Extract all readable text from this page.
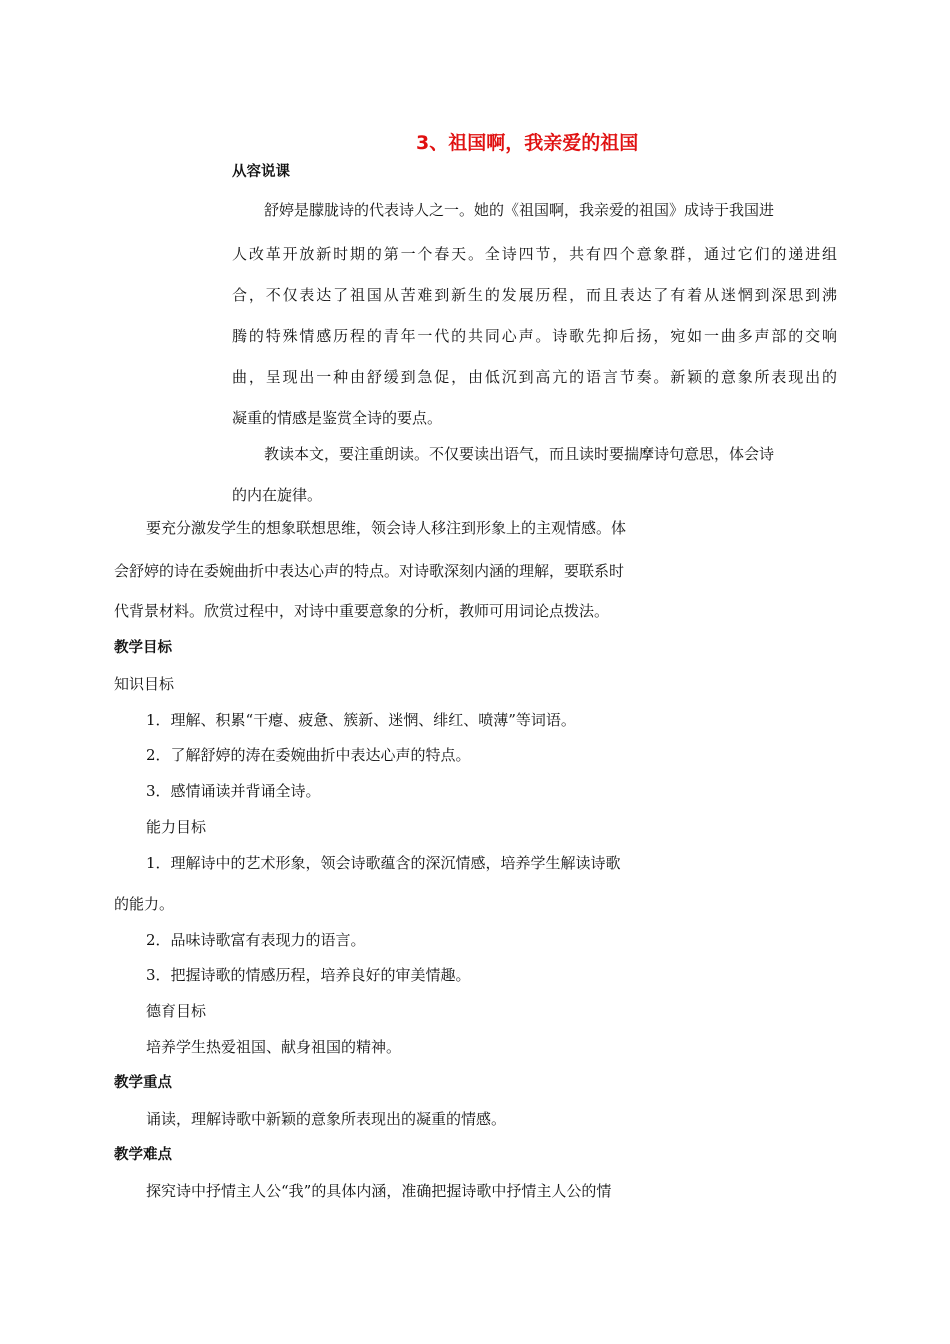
3、祖国啊，我亲爱的祖国
从容说课
舒婷是朦胧诗的代表诗人之一。她的《祖国啊，我亲爱的祖国》成诗于我国进
人改革开放新时期的第一个春天。全诗四节，共有四个意象群，通过它们的递进组
合，不仅表达了祖国从苦难到新生的发展历程，而且表达了有着从迷惘到深思到沸
腾的特殊情感历程的青年一代的共同心声。诗歌先抑后扬，宛如一曲多声部的交响
曲，呈现出一种由舒缓到急促，由低沉到高亢的语言节奏。新颖的意象所表现出的
凝重的情感是鉴赏全诗的要点。
教读本文，要注重朗读。不仅要读出语气，而且读时要揣摩诗句意思，体会诗
的内在旋律。
要充分激发学生的想象联想思维，领会诗人移注到形象上的主观情感。体
会舒婷的诗在委婉曲折中表达心声的特点。对诗歌深刻内涵的理解，要联系时
代背景材料。欣赏过程中，对诗中重要意象的分析，教师可用词论点拨法。
教学目标
知识目标
1．理解、积累“干瘪、疲惫、簇新、迷惘、绯红、喷薄”等词语。
2．了解舒婷的涛在委婉曲折中表达心声的特点。
3．感情诵读并背诵全诗。
能力目标
1．理解诗中的艺术形象，领会诗歌蕴含的深沉情感，培养学生解读诗歌
的能力。
2．品味诗歌富有表现力的语言。
3．把握诗歌的情感历程，培养良好的审美情趣。
德育目标
培养学生热爱祖国、献身祖国的精神。
教学重点
诵读，理解诗歌中新颖的意象所表现出的凝重的情感。
教学难点
探究诗中抒情主人公“我”的具体内涵，准确把握诗歌中抒情主人公的情
